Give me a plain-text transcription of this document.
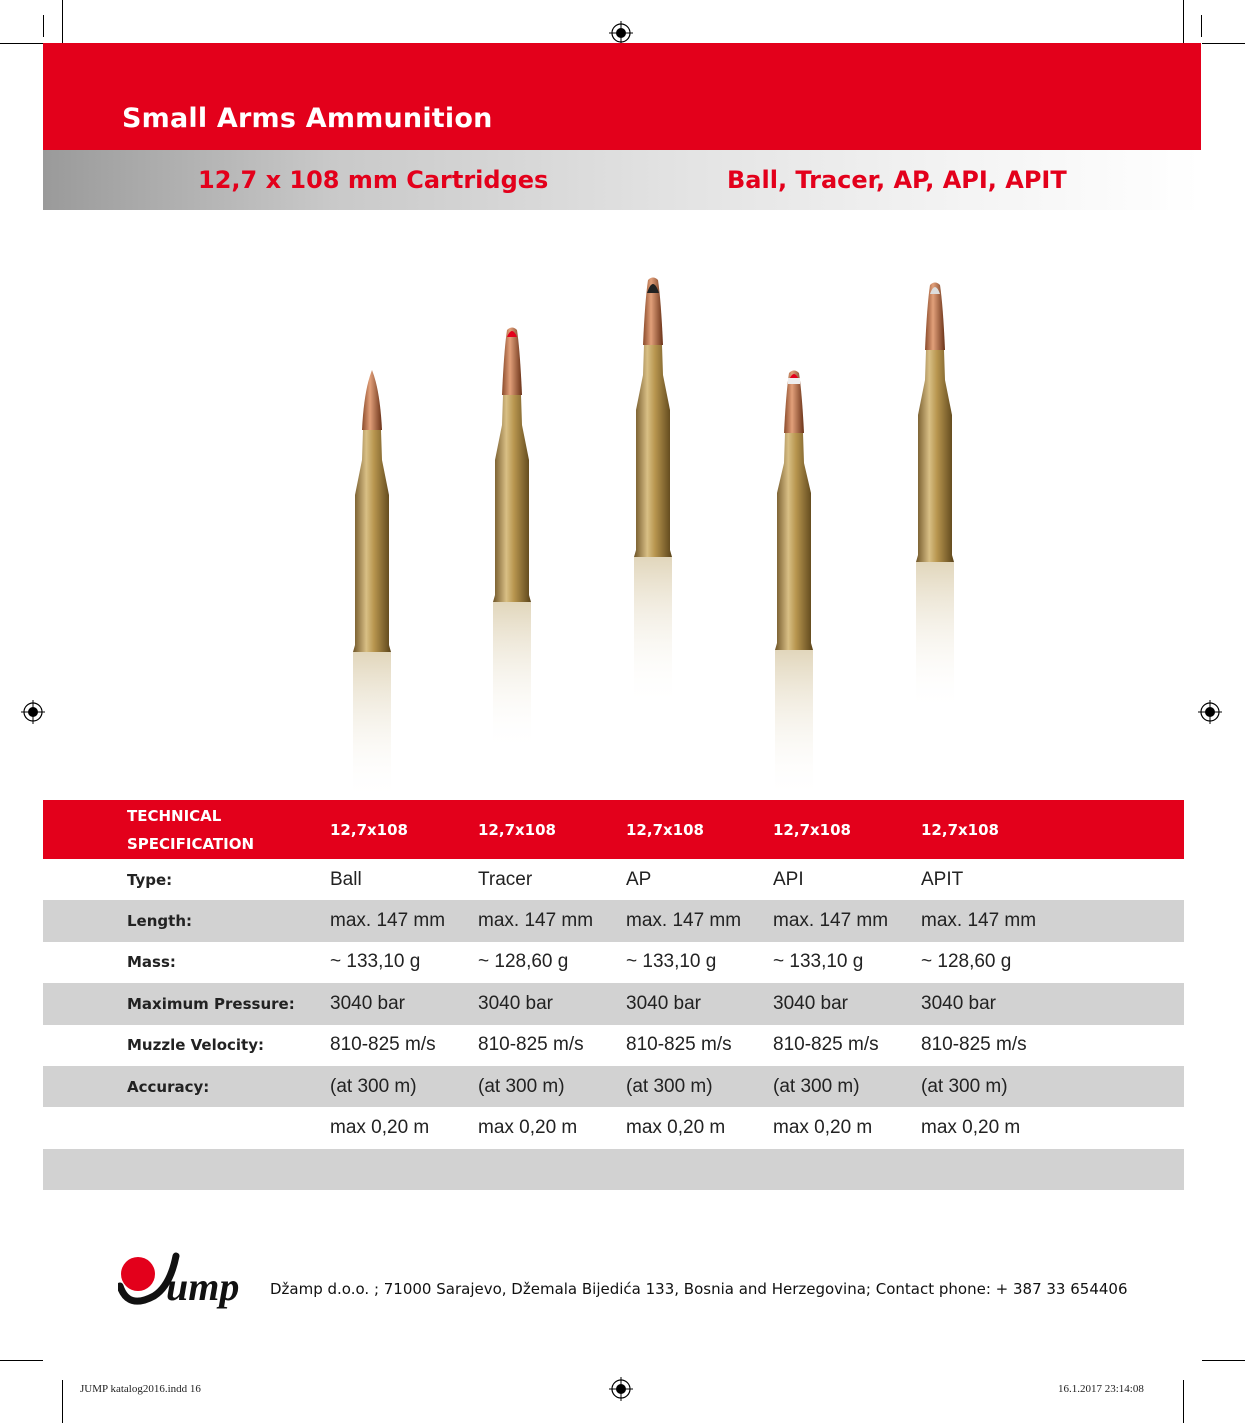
Small Arms Ammunition
12,7 x 108 mm Cartridges	Ball, Tracer, AP, API, APIT
TECHNICAL SPECIFICATION
12,7x108	12,7x108	12,7x108	12,7x108	12,7x108
Type:	Ball	Tracer	AP	API	APIT
Length:	max. 147 mm max. 147 mm max. 147 mm max. 147 mm max. 147 mm
Mass:	~ 133,10 g	~ 128,60 g	~ 133,10 g	~ 133,10 g	~ 128,60 g
Maximum Pressure: 3040 bar	3040 bar	3040 bar	3040 bar	3040 bar
Muzzle Velocity:	810-825 m/s 810-825 m/s 810-825 m/s 810-825 m/s 810-825 m/s
Accuracy:	(at 300 m)	(at 300 m)	(at 300 m)	(at 300 m)	(at 300 m)
max 0,20 m	max 0,20 m	max 0,20 m	max 0,20 m	max 0,20 m
ump Džamp d.o.o. ; 71000 Sarajevo, Džemala Bijedića 133, Bosnia and Herzegovina; Contact phone: + 387 33 654406
JUMP katalog2016.indd 16	16.1.2017 23:14:08
